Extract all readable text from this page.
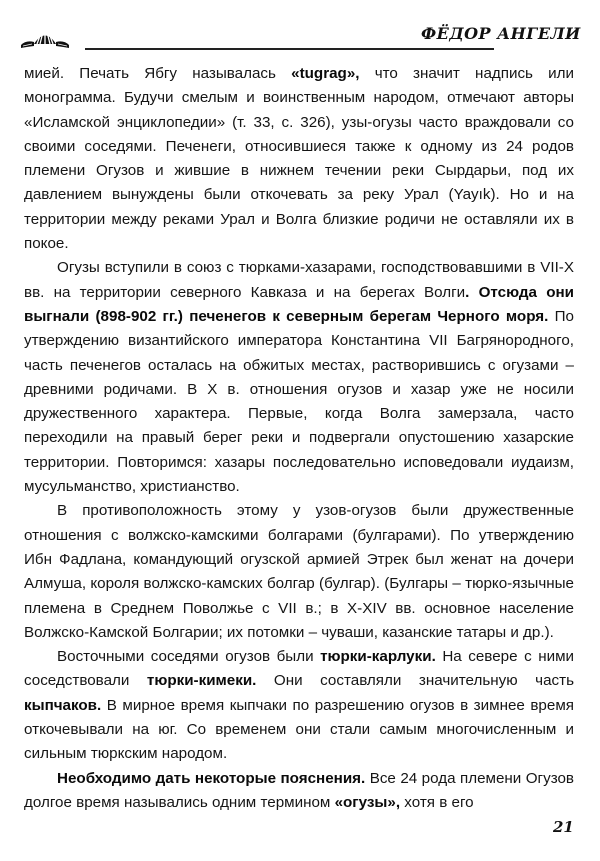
ФЁДОР АНГЕЛИ

мией. Печать Ябгу называлась «tugrag», что значит надпись или монограмма. Будучи смелым и воинственным народом, отмечают авторы «Исламской энциклопедии» (т. 33, с. 326), узы-огузы часто враждовали со своими соседями. Печенеги, относившиеся также к одному из 24 родов племени Огузов и жившие в нижнем течении реки Сырдарьи, под их давлением вынуждены были откочевать за реку Урал (Yayık). Но и на территории между реками Урал и Волга близкие родичи не оставляли их в покое.

Огузы вступили в союз с тюрками-хазарами, господствовавшими в VII-X вв. на территории северного Кавказа и на берегах Волги. Отсюда они выгнали (898-902 гг.) печенегов к северным берегам Черного моря. По утверждению византийского императора Константина VII Багрянородного, часть печенегов осталась на обжитых местах, растворившись с огузами – древними родичами. В X в. отношения огузов и хазар уже не носили дружественного характера. Первые, когда Волга замерзала, часто переходили на правый берег реки и подвергали опустошению хазарские территории. Повторимся: хазары последовательно исповедовали иудаизм, мусульманство, христианство.

В противоположность этому у узов-огузов были дружественные отношения с волжско-камскими болгарами (булгарами). По утверждению Ибн Фадлана, командующий огузской армией Этрек был женат на дочери Алмуша, короля волжско-камских болгар (булгар). (Булгары – тюрко-язычные племена в Среднем Поволжье с VII в.; в X-XIV вв. основное население Волжско-Камской Болгарии; их потомки – чуваши, казанские татары и др.).

Восточными соседями огузов были тюрки-карлуки. На севере с ними соседствовали тюрки-кимеки. Они составляли значительную часть кыпчаков. В мирное время кыпчаки по разрешению огузов в зимнее время откочевывали на юг. Со временем они стали самым многочисленным и сильным тюркским народом.

Необходимо дать некоторые пояснения. Все 24 рода племени Огузов долгое время назывались одним термином «огузы», хотя в его

21
